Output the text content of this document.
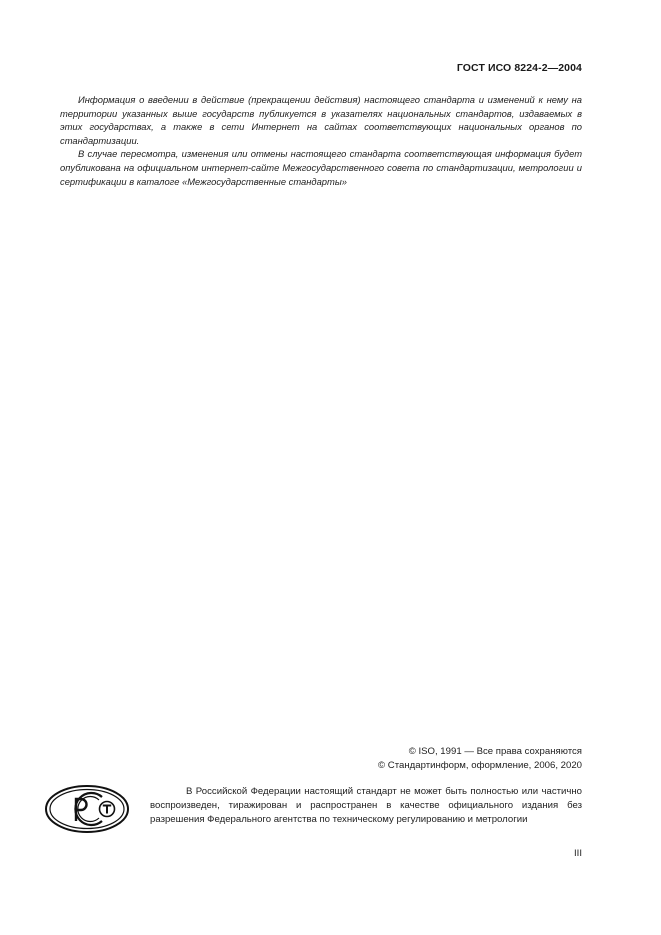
ГОСТ ИСО 8224-2—2004

Информация о введении в действие (прекращении действия) настоящего стандарта и изменений к нему на территории указанных выше государств публикуется в указателях национальных стандартов, издаваемых в этих государствах, а также в сети Интернет на сайтах соответствующих национальных органов по стандартизации.

В случае пересмотра, изменения или отмены настоящего стандарта соответствующая информация будет опубликована на официальном интернет-сайте Межгосударственного совета по стандартизации, метрологии и сертификации в каталоге «Межгосударственные стандарты»

© ISO, 1991 — Все права сохраняются
© Стандартинформ, оформление, 2006, 2020

В Российской Федерации настоящий стандарт не может быть полностью или частично воспроизведен, тиражирован и распространен в качестве официального издания без разрешения Федерального агентства по техническому регулированию и метрологии

III
